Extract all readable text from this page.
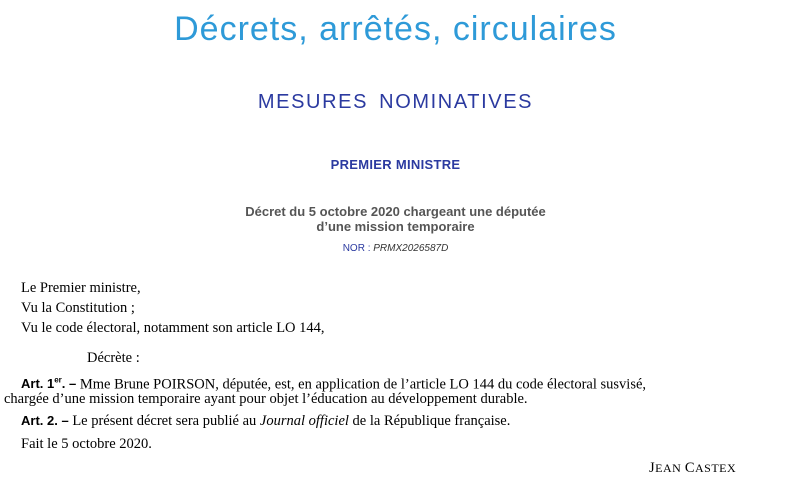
Décrets, arrêtés, circulaires
MESURES NOMINATIVES
PREMIER MINISTRE
Décret du 5 octobre 2020 chargeant une députée
d’une mission temporaire
NOR : PRMX2026587D
Le Premier ministre,
Vu la Constitution ;
Vu le code électoral, notamment son article LO 144,
Décrète :
Art. 1er. – Mme Brune POIRSON, députée, est, en application de l’article LO 144 du code électoral susvisé,
chargée d’une mission temporaire ayant pour objet l’éducation au développement durable.
Art. 2. – Le présent décret sera publié au Journal officiel de la République française.
Fait le 5 octobre 2020.
JEAN CASTEX
